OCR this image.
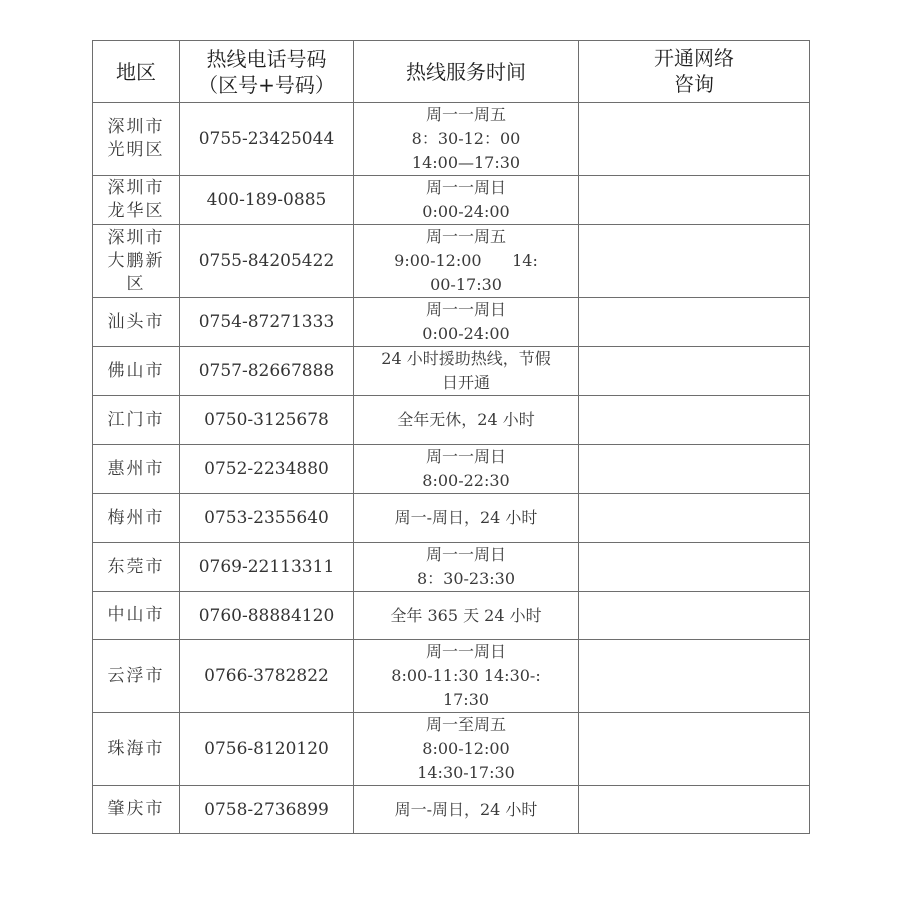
地区	热线电话号码
（区号+号码）	热线服务时间	开通网络
咨询

深圳市
光明区	0755-23425044	周一一周五
8：30-12：00
14:00—17:30	

深圳市
龙华区	400-189-0885	周一一周日
0:00-24:00	

深圳市
大鹏新
区	0755-84205422	周一一周五
9:00-12:00      14:
00-17:30	

汕头市	0754-87271333	周一一周日
0:00-24:00	

佛山市	0757-82667888	24 小时援助热线，节假
日开通	

江门市	0750-3125678	全年无休，24 小时	

惠州市	0752-2234880	周一一周日
8:00-22:30	

梅州市	0753-2355640	周一-周日，24 小时	

东莞市	0769-22113311	周一一周日
8：30-23:30	

中山市	0760-88884120	全年 365 天 24 小时	

云浮市	0766-3782822	周一一周日
8:00-11:30 14:30-:
17:30	

珠海市	0756-8120120	周一至周五
8:00-12:00
14:30-17:30	

肇庆市	0758-2736899	周一-周日，24 小时	
